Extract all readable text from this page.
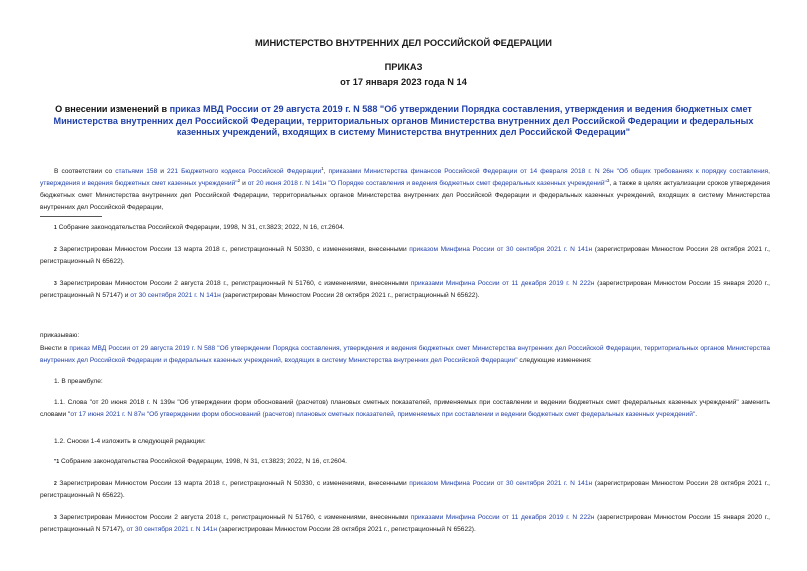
МИНИСТЕРСТВО ВНУТРЕННИХ ДЕЛ РОССИЙСКОЙ ФЕДЕРАЦИИ
ПРИКАЗ
от 17 января 2023 года N 14
О внесении изменений в приказ МВД России от 29 августа 2019 г. N 588 "Об утверждении Порядка составления, утверждения и ведения бюджетных смет Министерства внутренних дел Российской Федерации, территориальных органов Министерства внутренних дел Российской Федерации и федеральных казенных учреждений, входящих в систему Министерства внутренних дел Российской Федерации"
В соответствии со статьями 158 и 221 Бюджетного кодекса Российской Федерации$^1$, приказами Министерства финансов Российской Федерации от 14 февраля 2018 г. N 26н "Об общих требованиях к порядку составления, утверждения и ведения бюджетных смет казенных учреждений"$^2$ и от 20 июня 2018 г. N 141н "О Порядке составления и ведения бюджетных смет федеральных казенных учреждений"$^3$, а также в целях актуализации сроков утверждения бюджетных смет Министерства внутренних дел Российской Федерации, территориальных органов Министерства внутренних дел Российской Федерации и федеральных казенных учреждений, входящих в систему Министерства внутренних дел Российской Федерации,
1 Собрание законодательства Российской Федерации, 1998, N 31, ст.3823; 2022, N 16, ст.2604.
2 Зарегистрирован Минюстом России 13 марта 2018 г., регистрационный N 50330, с изменениями, внесенными приказом Минфина России от 30 сентября 2021 г. N 141н (зарегистрирован Минюстом России 28 октября 2021 г., регистрационный N 65622).
3 Зарегистрирован Минюстом России 2 августа 2018 г., регистрационный N 51760, с изменениями, внесенными приказами Минфина России от 11 декабря 2019 г. N 222н (зарегистрирован Минюстом России 15 января 2020 г., регистрационный N 57147) и от 30 сентября 2021 г. N 141н (зарегистрирован Минюстом России 28 октября 2021 г., регистрационный N 65622).
приказываю:
Внести в приказ МВД России от 29 августа 2019 г. N 588 "Об утверждении Порядка составления, утверждения и ведения бюджетных смет Министерства внутренних дел Российской Федерации, территориальных органов Министерства внутренних дел Российской Федерации и федеральных казенных учреждений, входящих в систему Министерства внутренних дел Российской Федерации" следующие изменения:
1. В преамбуле:
1.1. Слова "от 20 июня 2018 г. N 139н "Об утверждении форм обоснований (расчетов) плановых сметных показателей, применяемых при составлении и ведении бюджетных смет федеральных казенных учреждений" заменить словами "от 17 июня 2021 г. N 87н "Об утверждении форм обоснований (расчетов) плановых сметных показателей, применяемых при составлении и ведении бюджетных смет федеральных казенных учреждений".
1.2. Сноски 1-4 изложить в следующей редакции:
"1 Собрание законодательства Российской Федерации, 1998, N 31, ст.3823; 2022, N 16, ст.2604.
2 Зарегистрирован Минюстом России 13 марта 2018 г., регистрационный N 50330, с изменениями, внесенными приказом Минфина России от 30 сентября 2021 г. N 141н (зарегистрирован Минюстом России 28 октября 2021 г., регистрационный N 65622).
3 Зарегистрирован Минюстом России 2 августа 2018 г., регистрационный N 51760, с изменениями, внесенными приказами Минфина России от 11 декабря 2019 г. N 222н (зарегистрирован Минюстом России 15 января 2020 г., регистрационный N 57147), от 30 сентября 2021 г. N 141н (зарегистрирован Минюстом России 28 октября 2021 г., регистрационный N 65622).
